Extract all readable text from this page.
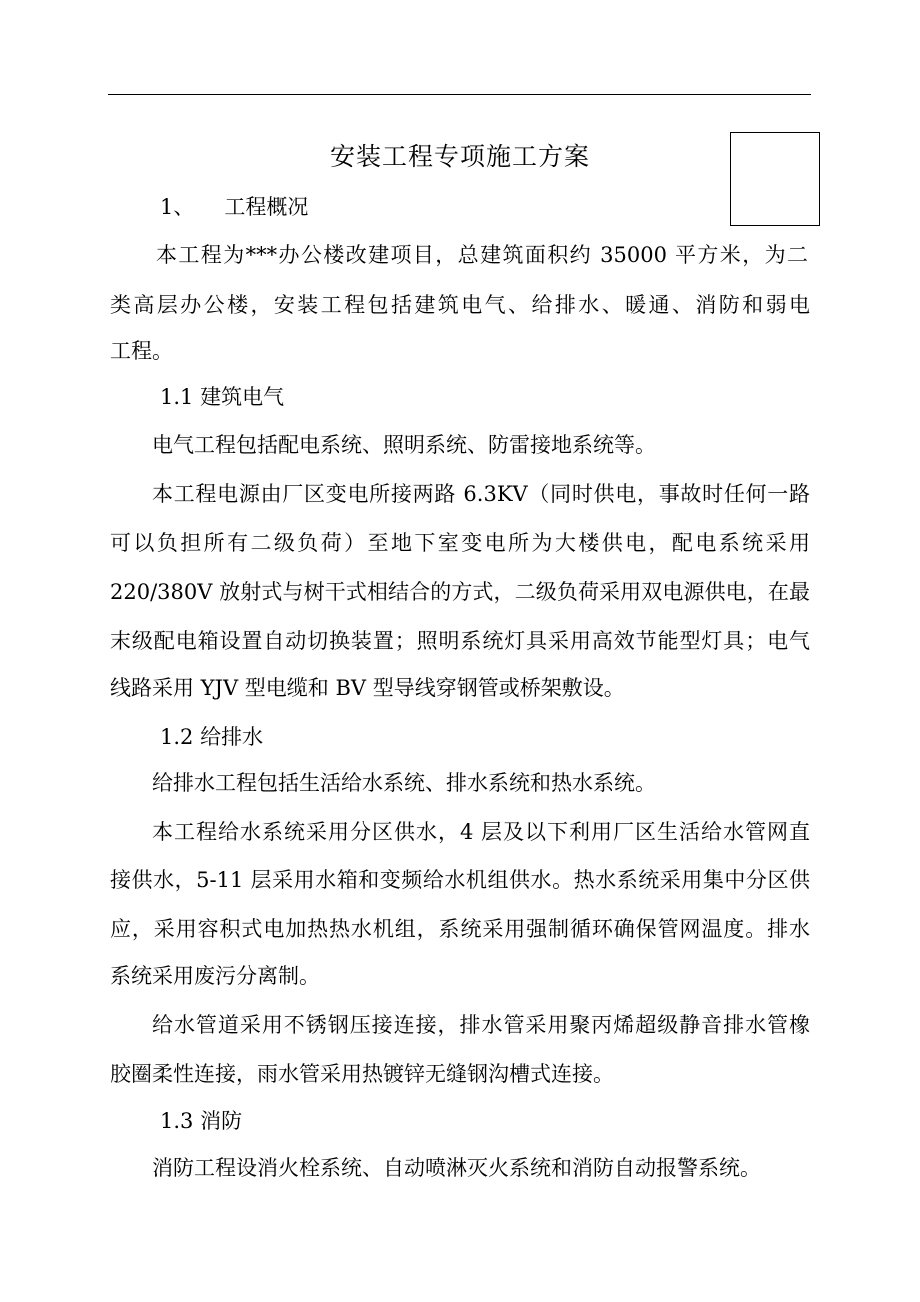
安装工程专项施工方案
1、 工程概况
本工程为***办公楼改建项目，总建筑面积约 35000 平方米，为二
类高层办公楼，安装工程包括建筑电气、给排水、暖通、消防和弱电
工程。
1.1 建筑电气
电气工程包括配电系统、照明系统、防雷接地系统等。
本工程电源由厂区变电所接两路 6.3KV（同时供电，事故时任何一路
可以负担所有二级负荷）至地下室变电所为大楼供电，配电系统采用
220/380V 放射式与树干式相结合的方式，二级负荷采用双电源供电，在最
末级配电箱设置自动切换装置；照明系统灯具采用高效节能型灯具；电气
线路采用 YJV 型电缆和 BV 型导线穿钢管或桥架敷设。
1.2 给排水
给排水工程包括生活给水系统、排水系统和热水系统。
本工程给水系统采用分区供水，4 层及以下利用厂区生活给水管网直
接供水，5-11 层采用水箱和变频给水机组供水。热水系统采用集中分区供
应，采用容积式电加热热水机组，系统采用强制循环确保管网温度。排水
系统采用废污分离制。
给水管道采用不锈钢压接连接，排水管采用聚丙烯超级静音排水管橡
胶圈柔性连接，雨水管采用热镀锌无缝钢沟槽式连接。
1.3 消防
消防工程设消火栓系统、自动喷淋灭火系统和消防自动报警系统。
